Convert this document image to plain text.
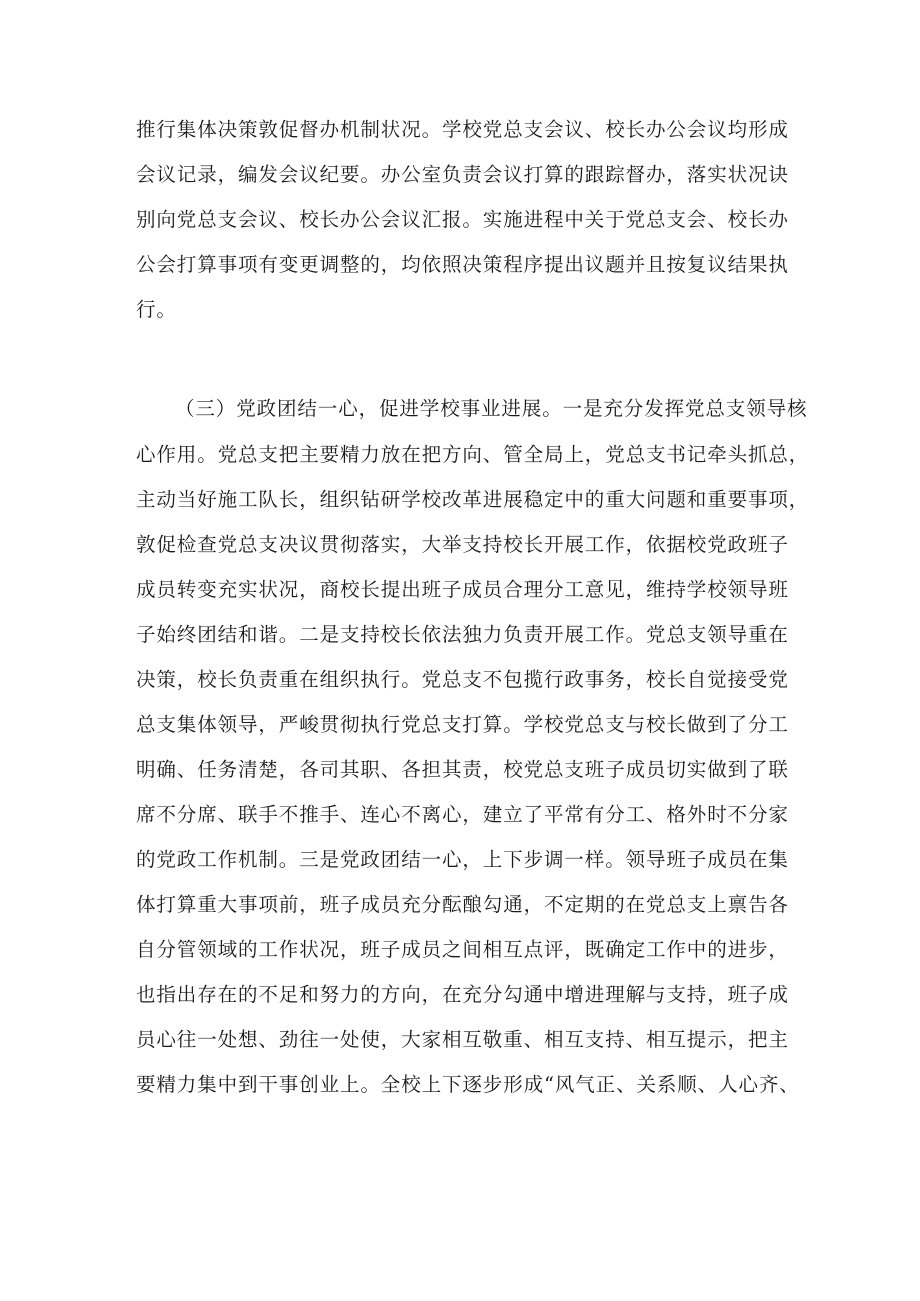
推行集体决策敦促督办机制状况。学校党总支会议、校长办公会议均形成

会议记录，编发会议纪要。办公室负责会议打算的跟踪督办，落实状况诀

别向党总支会议、校长办公会议汇报。实施进程中关于党总支会、校长办

公会打算事项有变更调整的，均依照决策程序提出议题并且按复议结果执

行。

（三）党政团结一心，促进学校事业进展。一是充分发挥党总支领导核

心作用。党总支把主要精力放在把方向、管全局上，党总支书记牵头抓总，

主动当好施工队长，组织钻研学校改革进展稳定中的重大问题和重要事项，

敦促检查党总支决议贯彻落实，大举支持校长开展工作，依据校党政班子

成员转变充实状况，商校长提出班子成员合理分工意见，维持学校领导班

子始终团结和谐。二是支持校长依法独力负责开展工作。党总支领导重在

决策，校长负责重在组织执行。党总支不包揽行政事务，校长自觉接受党

总支集体领导，严峻贯彻执行党总支打算。学校党总支与校长做到了分工

明确、任务清楚，各司其职、各担其责，校党总支班子成员切实做到了联

席不分席、联手不推手、连心不离心，建立了平常有分工、格外时不分家

的党政工作机制。三是党政团结一心，上下步调一样。领导班子成员在集

体打算重大事项前，班子成员充分酝酿勾通，不定期的在党总支上禀告各

自分管领域的工作状况，班子成员之间相互点评，既确定工作中的进步，

也指出存在的不足和努力的方向，在充分勾通中增进理解与支持，班子成

员心往一处想、劲往一处使，大家相互敬重、相互支持、相互提示，把主

要精力集中到干事创业上。全校上下逐步形成“风气正、关系顺、人心齐、
